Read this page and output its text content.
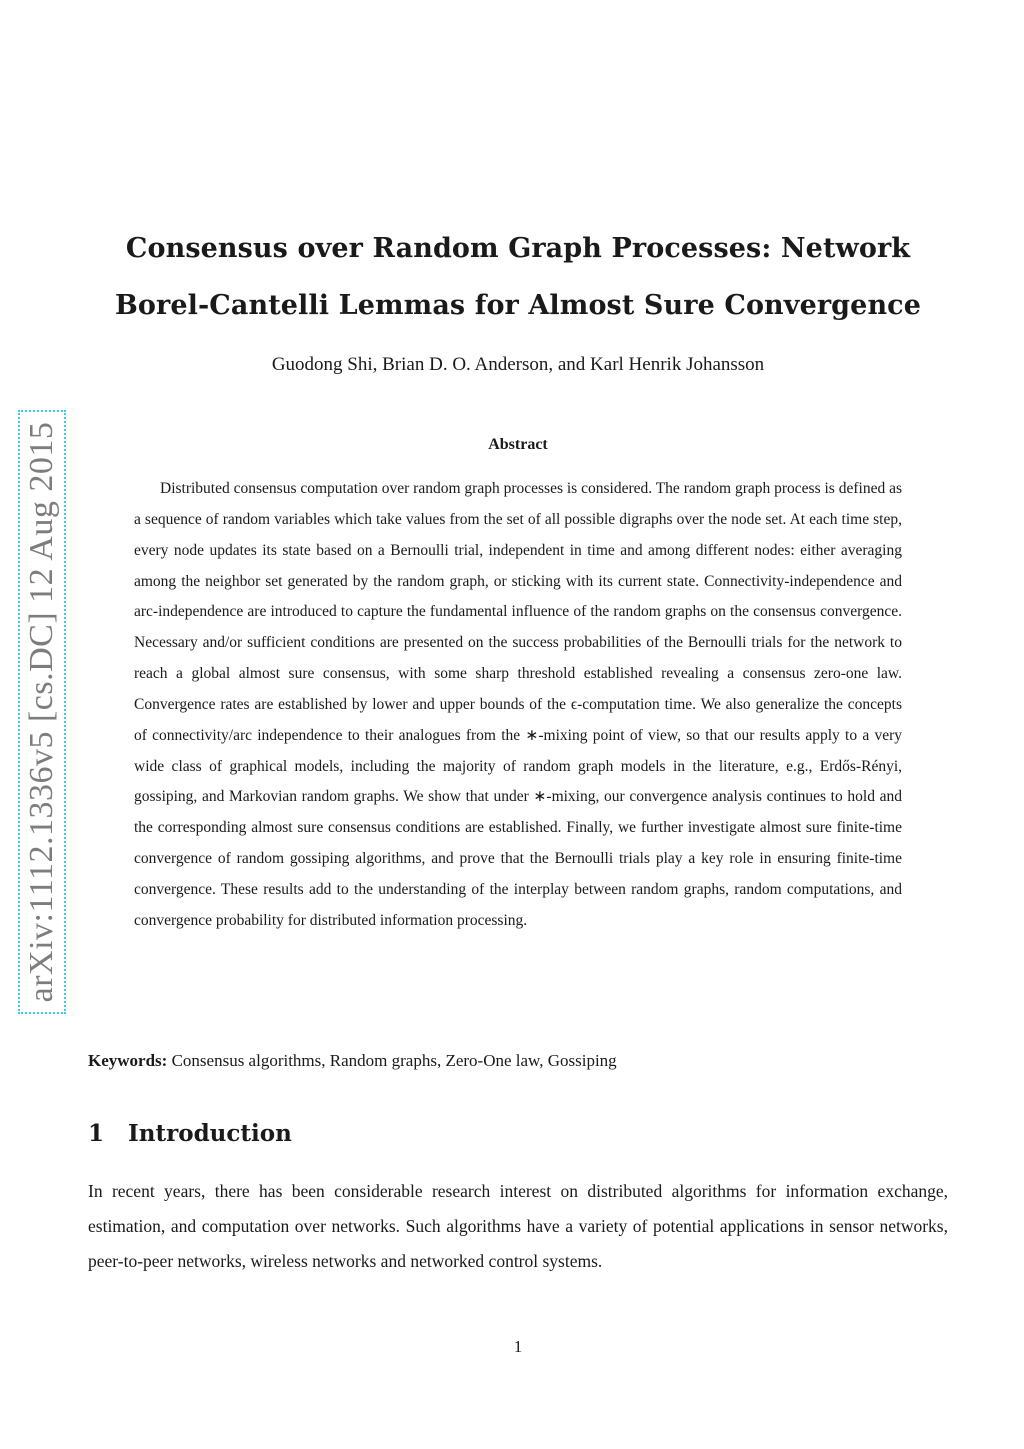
arXiv:1112.1336v5 [cs.DC] 12 Aug 2015
Consensus over Random Graph Processes: Network
Borel-Cantelli Lemmas for Almost Sure Convergence
Guodong Shi, Brian D. O. Anderson, and Karl Henrik Johansson
Abstract

Distributed consensus computation over random graph processes is considered. The random graph process is defined as a sequence of random variables which take values from the set of all possible digraphs over the node set. At each time step, every node updates its state based on a Bernoulli trial, independent in time and among different nodes: either averaging among the neighbor set generated by the random graph, or sticking with its current state. Connectivity-independence and arc-independence are introduced to capture the fundamental influence of the random graphs on the consensus convergence. Necessary and/or sufficient conditions are presented on the success probabilities of the Bernoulli trials for the network to reach a global almost sure consensus, with some sharp threshold established revealing a consensus zero-one law. Convergence rates are established by lower and upper bounds of the ϵ-computation time. We also generalize the concepts of connectivity/arc independence to their analogues from the ∗-mixing point of view, so that our results apply to a very wide class of graphical models, including the majority of random graph models in the literature, e.g., Erdős-Rényi, gossiping, and Markovian random graphs. We show that under ∗-mixing, our convergence analysis continues to hold and the corresponding almost sure consensus conditions are established. Finally, we further investigate almost sure finite-time convergence of random gossiping algorithms, and prove that the Bernoulli trials play a key role in ensuring finite-time convergence. These results add to the understanding of the interplay between random graphs, random computations, and convergence probability for distributed information processing.

Keywords: Consensus algorithms, Random graphs, Zero-One law, Gossiping
1 Introduction

In recent years, there has been considerable research interest on distributed algorithms for information exchange, estimation, and computation over networks. Such algorithms have a variety of potential applications in sensor networks, peer-to-peer networks, wireless networks and networked control systems.

1
